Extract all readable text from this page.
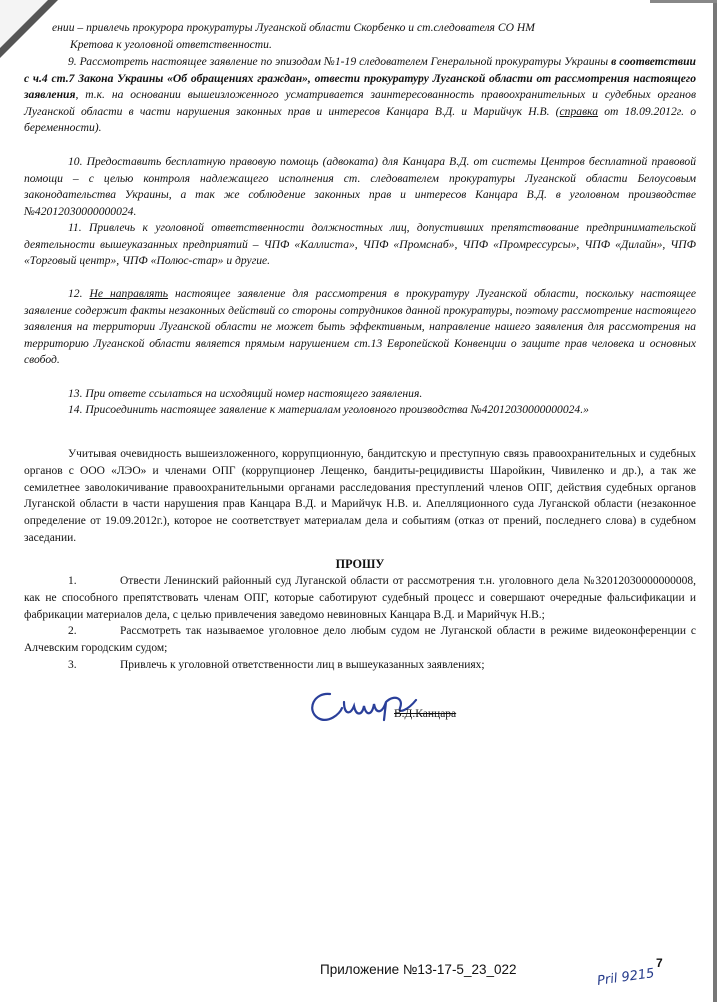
ении – привлечь прокурора прокуратуры Луганской области Скорбенко и ст.следователя СО НМ

Кретова к уголовной ответственности.

9. Рассмотреть настоящее заявление по эпизодам №1-19 следователем Генеральной прокуратуры Украины в соответствии с ч.4 ст.7 Закона Украины «Об обращениях граждан», отвести прокуратуру Луганской области от рассмотрения настоящего заявления, т.к. на основании вышеизложенного усматривается заинтересованность правоохранительных и судебных органов Луганской области в части нарушения законных прав и интересов Канцара В.Д. и Марийчук Н.В. (справка от 18.09.2012г. о беременности).

10. Предоставить бесплатную правовую помощь (адвоката) для Канцара В.Д. от системы Центров бесплатной правовой помощи – с целью контроля надлежащего исполнения ст. следователем прокуратуры Луганской области Белоусовым законодательства Украины, а так же соблюдение законных прав и интересов Канцара В.Д. в уголовном производстве №42012030000000024.

11. Привлечь к уголовной ответственности должностных лиц, допустивших препятствование предпринимательской деятельности вышеуказанных предприятий – ЧПФ «Каллиста», ЧПФ «Промснаб», ЧПФ «Промрессурсы», ЧПФ «Дилайн», ЧПФ «Торговый центр», ЧПФ «Полюс-стар» и другие.

12. Не направлять настоящее заявление для рассмотрения в прокуратуру Луганской области, поскольку настоящее заявление содержит факты незаконных действий со стороны сотрудников данной прокуратуры, поэтому рассмотрение настоящего заявления на территории Луганской области не может быть эффективным, направление нашего заявления для рассмотрения на территорию Луганской области является прямым нарушением ст.13 Европейской Конвенции о защите прав человека и основных свобод.

13. При ответе ссылаться на исходящий номер настоящего заявления.

14. Присоединить настоящее заявление к материалам уголовного производства №42012030000000024.»

Учитывая очевидность вышеизложенного, коррупционную, бандитскую и преступную связь правоохранительных и судебных органов с ООО «ЛЭО» и членами ОПГ (коррупционер Лещенко, бандиты-рецидивисты Шаройкин, Чивиленко и др.), а так же семилетнее заволокичивание правоохранительными органами расследования преступлений членов ОПГ, действия судебных органов Луганской области в части нарушения прав Канцара В.Д. и Марийчук Н.В. и. Апелляционного суда Луганской области (незаконное определение от 19.09.2012г.), которое не соответствует материалам дела и событиям (отказ от прений, последнего слова) в судебном заседании.

ПРОШУ

1.	Отвести Ленинский районный суд Луганской области от рассмотрения т.н. уголовного дела №32012030000000008, как не способного препятствовать членам ОПГ, которые саботируют судебный процесс и совершают очередные фальсификации и фабрикации материалов дела, с целью привлечения заведомо невиновных Канцара В.Д. и Марийчук Н.В.;

2.	Рассмотреть так называемое уголовное дело любым судом не Луганской области в режиме видеоконференции с Алчевским городским судом;

3.	Привлечь к уголовной ответственности лиц в вышеуказанных заявлениях;

В.Д.Канцара

7

Приложение №13-17-5_23_022	Pril 9215
